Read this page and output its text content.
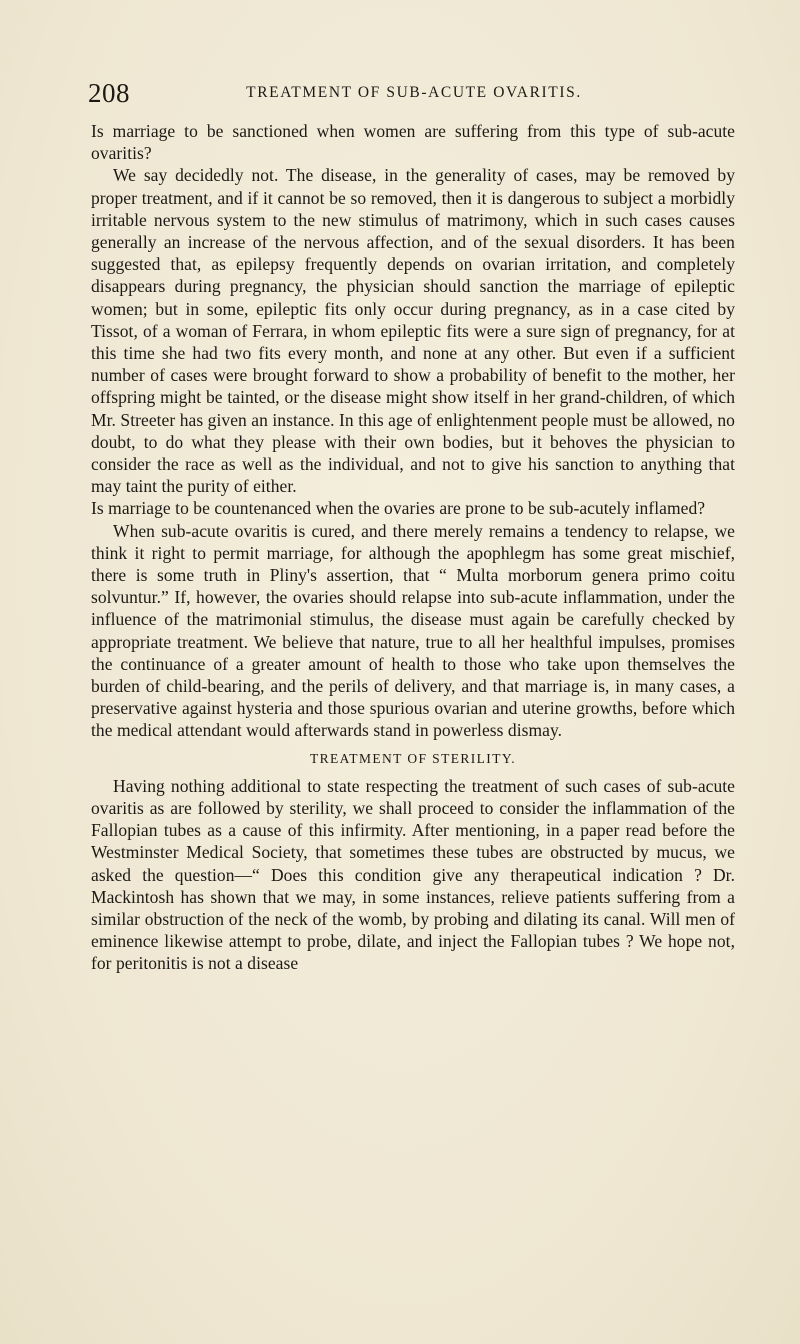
208	TREATMENT OF SUB-ACUTE OVARITIS.

Is marriage to be sanctioned when women are suffering from this type of sub-acute ovaritis?

We say decidedly not. The disease, in the generality of cases, may be removed by proper treatment, and if it cannot be so removed, then it is dangerous to subject a morbidly irritable nervous system to the new stimulus of matrimony, which in such cases causes generally an increase of the nervous affection, and of the sexual disorders. It has been suggested that, as epilepsy frequently depends on ovarian irritation, and completely disappears during pregnancy, the physician should sanction the marriage of epileptic women; but in some, epileptic fits only occur during pregnancy, as in a case cited by Tissot, of a woman of Ferrara, in whom epileptic fits were a sure sign of pregnancy, for at this time she had two fits every month, and none at any other. But even if a sufficient number of cases were brought forward to show a probability of benefit to the mother, her offspring might be tainted, or the disease might show itself in her grand-children, of which Mr. Streeter has given an instance. In this age of enlightenment people must be allowed, no doubt, to do what they please with their own bodies, but it behoves the physician to consider the race as well as the individual, and not to give his sanction to anything that may taint the purity of either.

Is marriage to be countenanced when the ovaries are prone to be sub-acutely inflamed?

When sub-acute ovaritis is cured, and there merely remains a tendency to relapse, we think it right to permit marriage, for although the apophlegm has some great mischief, there is some truth in Pliny's assertion, that “ Multa morborum genera primo coitu solvuntur.” If, however, the ovaries should relapse into sub-acute inflammation, under the influence of the matrimonial stimulus, the disease must again be carefully checked by appropriate treatment. We believe that nature, true to all her healthful impulses, promises the continuance of a greater amount of health to those who take upon themselves the burden of child-bearing, and the perils of delivery, and that marriage is, in many cases, a preservative against hysteria and those spurious ovarian and uterine growths, before which the medical attendant would afterwards stand in powerless dismay.

TREATMENT OF STERILITY.

Having nothing additional to state respecting the treatment of such cases of sub-acute ovaritis as are followed by sterility, we shall proceed to consider the inflammation of the Fallopian tubes as a cause of this infirmity. After mentioning, in a paper read before the Westminster Medical Society, that sometimes these tubes are obstructed by mucus, we asked the question—“ Does this condition give any therapeutical indication ? Dr. Mackintosh has shown that we may, in some instances, relieve patients suffering from a similar obstruction of the neck of the womb, by probing and dilating its canal. Will men of eminence likewise attempt to probe, dilate, and inject the Fallopian tubes ? We hope not, for peritonitis is not a disease
